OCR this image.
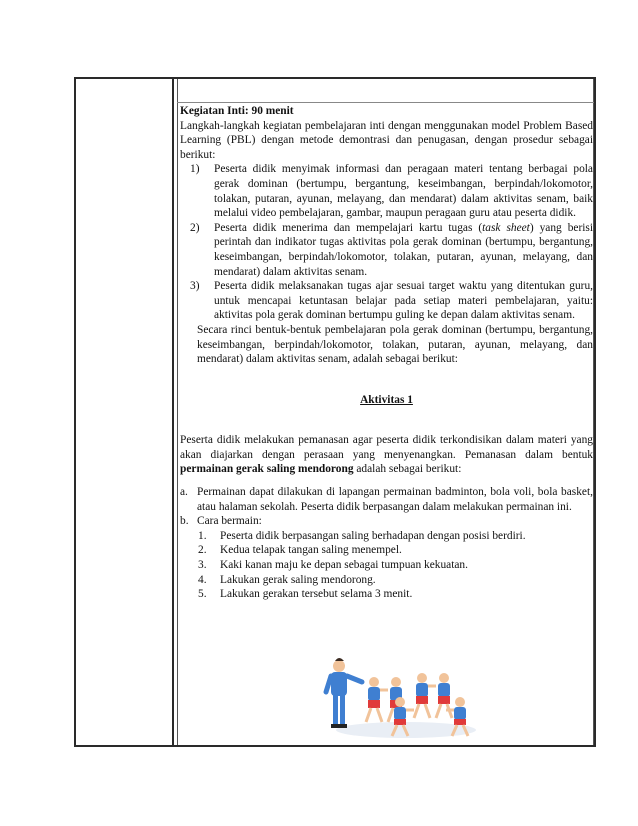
Kegiatan Inti: 90 menit

Langkah-langkah kegiatan pembelajaran inti dengan menggunakan model Problem Based Learning (PBL) dengan metode demontrasi dan penugasan, dengan prosedur sebagai berikut:

1) Peserta didik menyimak informasi dan peragaan materi tentang berbagai pola gerak dominan (bertumpu, bergantung, keseimbangan, berpindah/lokomotor, tolakan, putaran, ayunan, melayang, dan mendarat) dalam aktivitas senam, baik melalui video pembelajaran, gambar, maupun peragaan guru atau peserta didik.
2) Peserta didik menerima dan mempelajari kartu tugas (task sheet) yang berisi perintah dan indikator tugas aktivitas pola gerak dominan (bertumpu, bergantung, keseimbangan, berpindah/lokomotor, tolakan, putaran, ayunan, melayang, dan mendarat) dalam aktivitas senam.
3) Peserta didik melaksanakan tugas ajar sesuai target waktu yang ditentukan guru, untuk mencapai ketuntasan belajar pada setiap materi pembelajaran, yaitu: aktivitas pola gerak dominan bertumpu guling ke depan dalam aktivitas senam.

Secara rinci bentuk-bentuk pembelajaran pola gerak dominan (bertumpu, bergantung, keseimbangan, berpindah/lokomotor, tolakan, putaran, ayunan, melayang, dan mendarat) dalam aktivitas senam, adalah sebagai berikut:

Aktivitas 1

Peserta didik melakukan pemanasan agar peserta didik terkondisikan dalam materi yang akan diajarkan dengan perasaan yang menyenangkan. Pemanasan dalam bentuk permainan gerak saling mendorong adalah sebagai berikut:

a. Permainan dapat dilakukan di lapangan permainan badminton, bola voli, bola basket, atau halaman sekolah. Peserta didik berpasangan dalam melakukan permainan ini.
b. Cara bermain:
1. Peserta didik berpasangan saling berhadapan dengan posisi berdiri.
2. Kedua telapak tangan saling menempel.
3. Kaki kanan maju ke depan sebagai tumpuan kekuatan.
4. Lakukan gerak saling mendorong.
5. Lakukan gerakan tersebut selama 3 menit.
